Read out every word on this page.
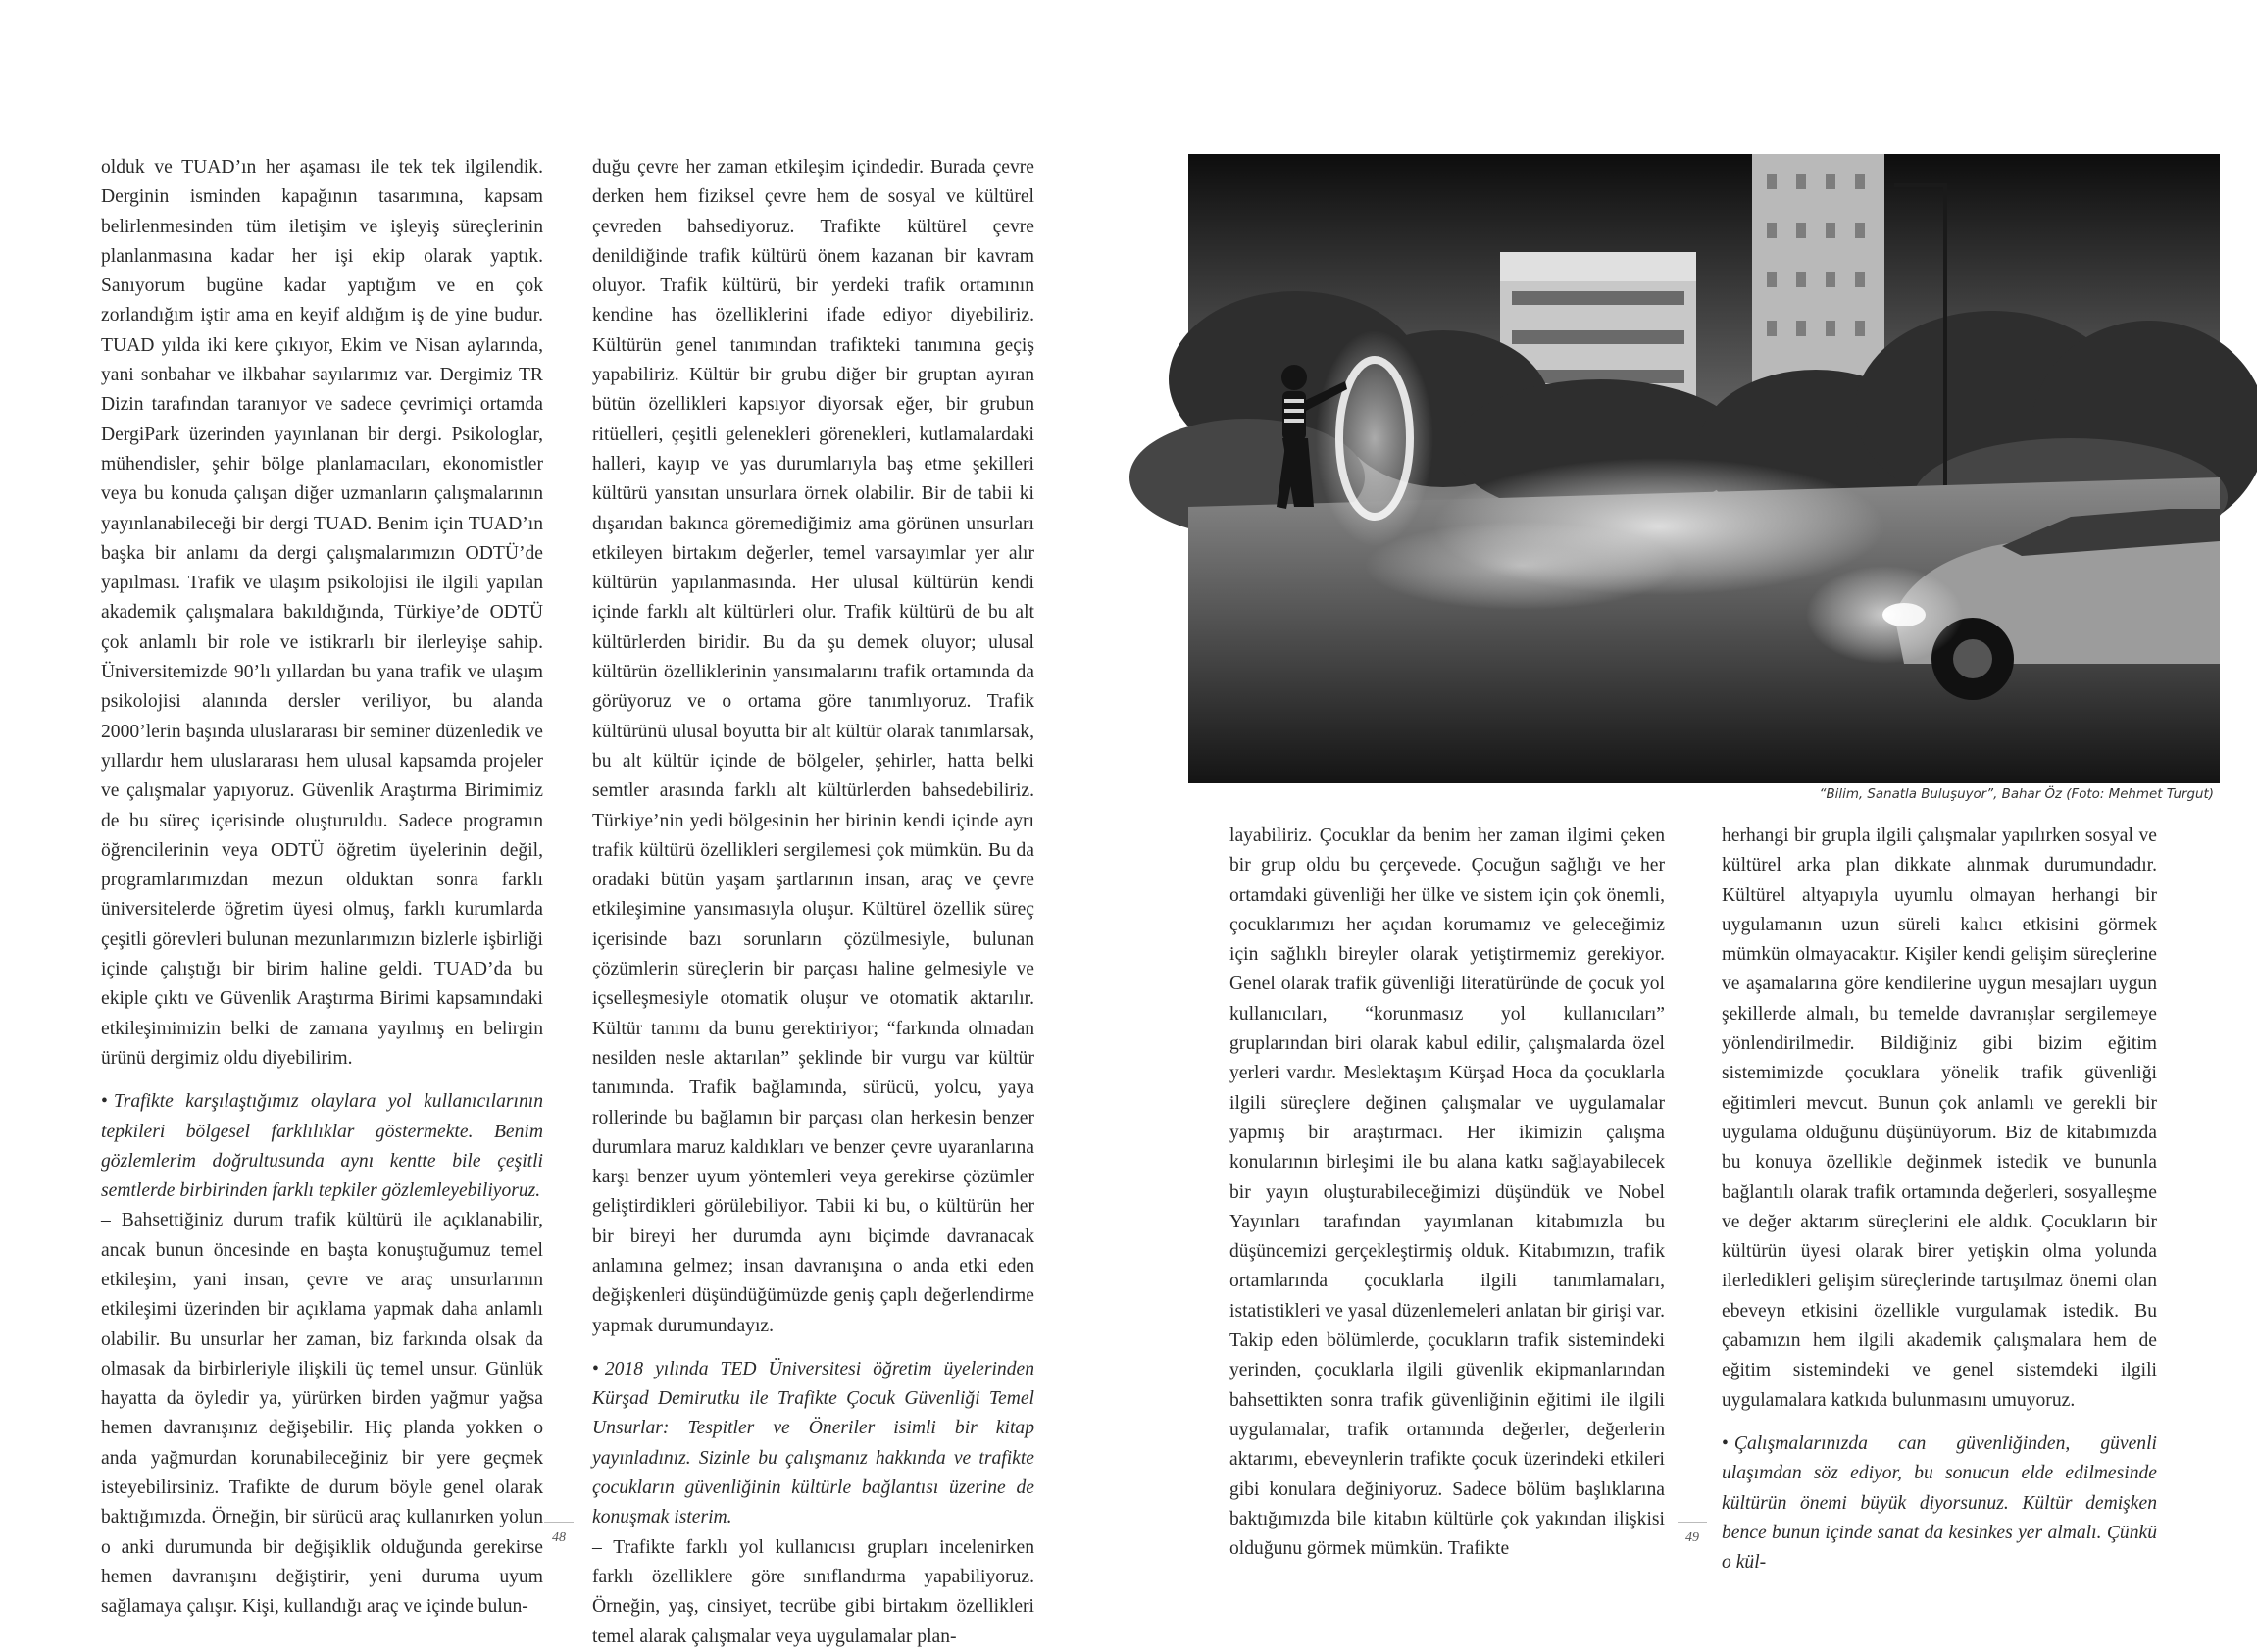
olduk ve TUAD’ın her aşaması ile tek tek ilgilendik. Derginin isminden kapağının tasarımına, kapsam belirlenmesinden tüm iletişim ve işleyiş süreçlerinin planlanmasına kadar her işi ekip olarak yaptık. Sanıyorum bugüne kadar yaptığım ve en çok zorlandığım iştir ama en keyif aldığım iş de yine budur. TUAD yılda iki kere çıkıyor, Ekim ve Nisan aylarında, yani sonbahar ve ilkbahar sayılarımız var. Dergimiz TR Dizin tarafından taranıyor ve sadece çevrimiçi ortamda DergiPark üzerinden yayınlanan bir dergi. Psikologlar, mühendisler, şehir bölge planlamacıları, ekonomistler veya bu konuda çalışan diğer uzmanların çalışmalarının yayınlanabileceği bir dergi TUAD. Benim için TUAD’ın başka bir anlamı da dergi çalışmalarımızın ODTÜ’de yapılması. Trafik ve ulaşım psikolojisi ile ilgili yapılan akademik çalışmalara bakıldığında, Türkiye’de ODTÜ çok anlamlı bir role ve istikrarlı bir ilerleyişe sahip. Üniversitemizde 90’lı yıllardan bu yana trafik ve ulaşım psikolojisi alanında dersler veriliyor, bu alanda 2000’lerin başında uluslararası bir seminer düzenledik ve yıllardır hem uluslararası hem ulusal kapsamda projeler ve çalışmalar yapıyoruz. Güvenlik Araştırma Birimimiz de bu süreç içerisinde oluşturuldu. Sadece programın öğrencilerinin veya ODTÜ öğretim üyelerinin değil, programlarımızdan mezun olduktan sonra farklı üniversitelerde öğretim üyesi olmuş, farklı kurumlarda çeşitli görevleri bulunan mezunlarımızın bizlerle işbirliği içinde çalıştığı bir birim haline geldi. TUAD’da bu ekiple çıktı ve Güvenlik Araştırma Birimi kapsamındaki etkileşimimizin belki de zamana yayılmış en belirgin ürünü dergimiz oldu diyebilirim.

• Trafikte karşılaştığımız olaylara yol kullanıcılarının tepkileri bölgesel farklılıklar göstermekte. Benim gözlemlerim doğrultusunda aynı kentte bile çeşitli semtlerde birbirinden farklı tepkiler gözlemleyebiliyoruz.

– Bahsettiğiniz durum trafik kültürü ile açıklanabilir, ancak bunun öncesinde en başta konuştuğumuz temel etkileşim, yani insan, çevre ve araç unsurlarının etkileşimi üzerinden bir açıklama yapmak daha anlamlı olabilir. Bu unsurlar her zaman, biz farkında olsak da olmasak da birbirleriyle ilişkili üç temel unsur. Günlük hayatta da öyledir ya, yürürken birden yağmur yağsa hemen davranışınız değişebilir. Hiç planda yokken o anda yağmurdan korunabileceğiniz bir yere geçmek isteyebilirsiniz. Trafikte de durum böyle genel olarak baktığımızda. Örneğin, bir sürücü araç kullanırken yolun o anki durumunda bir değişiklik olduğunda gerekirse hemen davranışını değiştirir, yeni duruma uyum sağlamaya çalışır. Kişi, kullandığı araç ve içinde bulun-

duğu çevre her zaman etkileşim içindedir. Burada çevre derken hem fiziksel çevre hem de sosyal ve kültürel çevreden bahsediyoruz. Trafikte kültürel çevre denildiğinde trafik kültürü önem kazanan bir kavram oluyor. Trafik kültürü, bir yerdeki trafik ortamının kendine has özelliklerini ifade ediyor diyebiliriz. Kültürün genel tanımından trafikteki tanımına geçiş yapabiliriz. Kültür bir grubu diğer bir gruptan ayıran bütün özellikleri kapsıyor diyorsak eğer, bir grubun ritüelleri, çeşitli gelenekleri görenekleri, kutlamalardaki halleri, kayıp ve yas durumlarıyla baş etme şekilleri kültürü yansıtan unsurlara örnek olabilir. Bir de tabii ki dışarıdan bakınca göremediğimiz ama görünen unsurları etkileyen birtakım değerler, temel varsayımlar yer alır kültürün yapılanmasında. Her ulusal kültürün kendi içinde farklı alt kültürleri olur. Trafik kültürü de bu alt kültürlerden biridir. Bu da şu demek oluyor; ulusal kültürün özelliklerinin yansımalarını trafik ortamında da görüyoruz ve o ortama göre tanımlıyoruz. Trafik kültürünü ulusal boyutta bir alt kültür olarak tanımlarsak, bu alt kültür içinde de bölgeler, şehirler, hatta belki semtler arasında farklı alt kültürlerden bahsedebiliriz. Türkiye’nin yedi bölgesinin her birinin kendi içinde ayrı trafik kültürü özellikleri sergilemesi çok mümkün. Bu da oradaki bütün yaşam şartlarının insan, araç ve çevre etkileşimine yansımasıyla oluşur. Kültürel özellik süreç içerisinde bazı sorunların çözülmesiyle, bulunan çözümlerin süreçlerin bir parçası haline gelmesiyle ve içselleşmesiyle otomatik oluşur ve otomatik aktarılır. Kültür tanımı da bunu gerektiriyor; “farkında olmadan nesilden nesle aktarılan” şeklinde bir vurgu var kültür tanımında. Trafik bağlamında, sürücü, yolcu, yaya rollerinde bu bağlamın bir parçası olan herkesin benzer durumlara maruz kaldıkları ve benzer çevre uyaranlarına karşı benzer uyum yöntemleri veya gerekirse çözümler geliştirdikleri görülebiliyor. Tabii ki bu, o kültürün her bir bireyi her durumda aynı biçimde davranacak anlamına gelmez; insan davranışına o anda etki eden değişkenleri düşündüğümüzde geniş çaplı değerlendirme yapmak durumundayız.

• 2018 yılında TED Üniversitesi öğretim üyelerinden Kürşad Demirutku ile Trafikte Çocuk Güvenliği Temel Unsurlar: Tespitler ve Öneriler isimli bir kitap yayınladınız. Sizinle bu çalışmanız hakkında ve trafikte çocukların güvenliğinin kültürle bağlantısı üzerine de konuşmak isterim.

– Trafikte farklı yol kullanıcısı grupları incelenirken farklı özelliklere göre sınıflandırma yapabiliyoruz. Örneğin, yaş, cinsiyet, tecrübe gibi birtakım özellikleri temel alarak çalışmalar veya uygulamalar plan-

48
“Bilim, Sanatla Buluşuyor”, Bahar Öz (Foto: Mehmet Turgut)

layabiliriz. Çocuklar da benim her zaman ilgimi çeken bir grup oldu bu çerçevede. Çocuğun sağlığı ve her ortamdaki güvenliği her ülke ve sistem için çok önemli, çocuklarımızı her açıdan korumamız ve geleceğimiz için sağlıklı bireyler olarak yetiştirmemiz gerekiyor. Genel olarak trafik güvenliği literatüründe de çocuk yol kullanıcıları, “korunmasız yol kullanıcıları” gruplarından biri olarak kabul edilir, çalışmalarda özel yerleri vardır. Meslektaşım Kürşad Hoca da çocuklarla ilgili süreçlere değinen çalışmalar ve uygulamalar yapmış bir araştırmacı. Her ikimizin çalışma konularının birleşimi ile bu alana katkı sağlayabilecek bir yayın oluşturabileceğimizi düşündük ve Nobel Yayınları tarafından yayımlanan kitabımızla bu düşüncemizi gerçekleştirmiş olduk. Kitabımızın, trafik ortamlarında çocuklarla ilgili tanımlamaları, istatistikleri ve yasal düzenlemeleri anlatan bir girişi var. Takip eden bölümlerde, çocukların trafik sistemindeki yerinden, çocuklarla ilgili güvenlik ekipmanlarından bahsettikten sonra trafik güvenliğinin eğitimi ile ilgili uygulamalar, trafik ortamında değerler, değerlerin aktarımı, ebeveynlerin trafikte çocuk üzerindeki etkileri gibi konulara değiniyoruz. Sadece bölüm başlıklarına baktığımızda bile kitabın kültürle çok yakından ilişkisi olduğunu görmek mümkün. Trafikte

herhangi bir grupla ilgili çalışmalar yapılırken sosyal ve kültürel arka plan dikkate alınmak durumundadır. Kültürel altyapıyla uyumlu olmayan herhangi bir uygulamanın uzun süreli kalıcı etkisini görmek mümkün olmayacaktır. Kişiler kendi gelişim süreçlerine ve aşamalarına göre kendilerine uygun mesajları uygun şekillerde almalı, bu temelde davranışlar sergilemeye yönlendirilmedir. Bildiğiniz gibi bizim eğitim sistemimizde çocuklara yönelik trafik güvenliği eğitimleri mevcut. Bunun çok anlamlı ve gerekli bir uygulama olduğunu düşünüyorum. Biz de kitabımızda bu konuya özellikle değinmek istedik ve bununla bağlantılı olarak trafik ortamında değerleri, sosyalleşme ve değer aktarım süreçlerini ele aldık. Çocukların bir kültürün üyesi olarak birer yetişkin olma yolunda ilerledikleri gelişim süreçlerinde tartışılmaz önemi olan ebeveyn etkisini özellikle vurgulamak istedik. Bu çabamızın hem ilgili akademik çalışmalara hem de eğitim sistemindeki ve genel sistemdeki ilgili uygulamalara katkıda bulunmasını umuyoruz.

• Çalışmalarınızda can güvenliğinden, güvenli ulaşımdan söz ediyor, bu sonucun elde edilmesinde kültürün önemi büyük diyorsunuz. Kültür demişken bence bunun içinde sanat da kesinkes yer almalı. Çünkü o kül-

49
